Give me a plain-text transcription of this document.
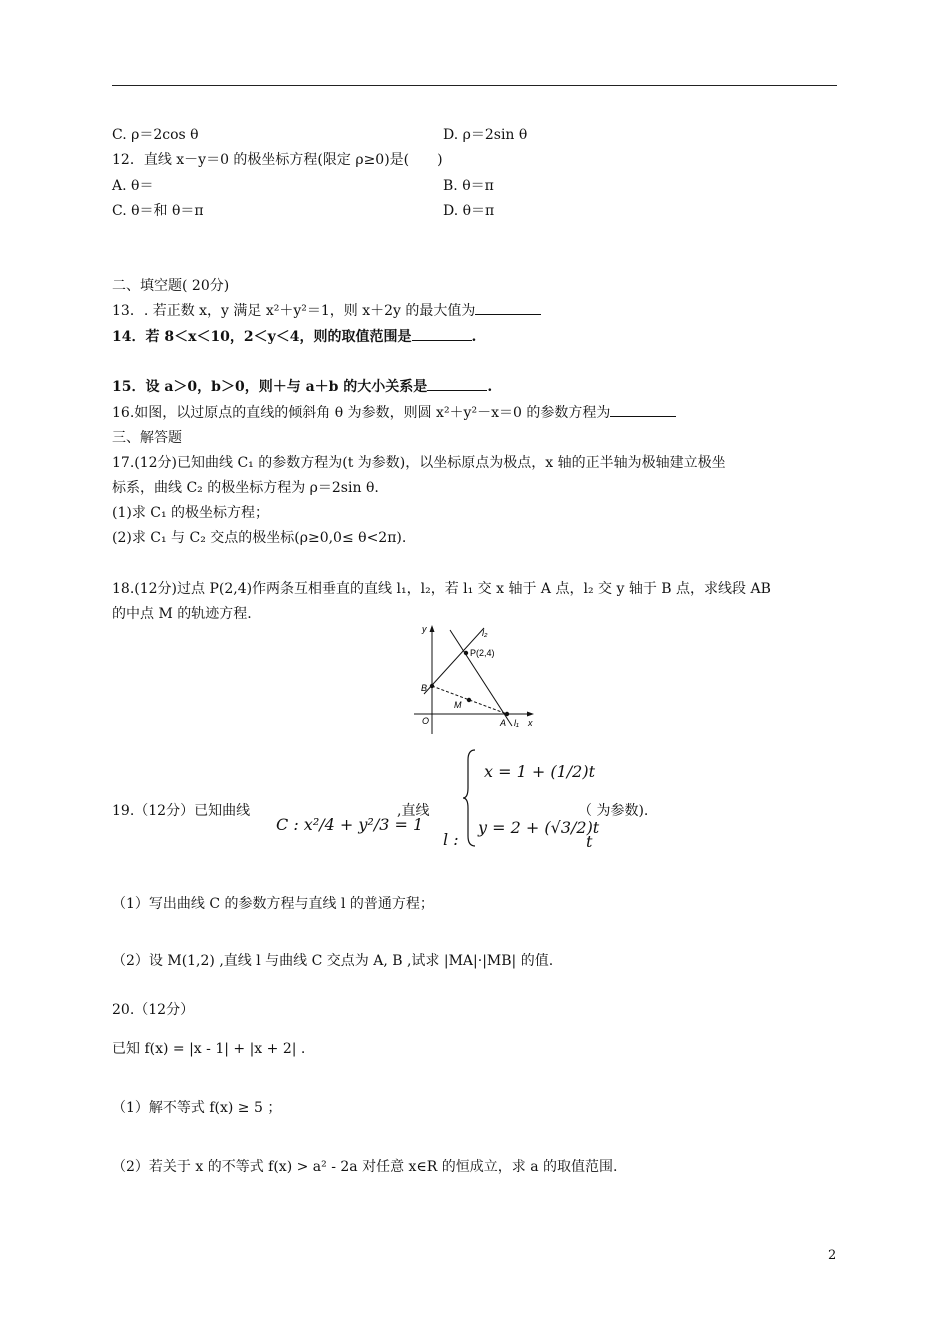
C. ρ＝2cos θ	D. ρ＝2sin θ
12．直线 x－y＝0 的极坐标方程(限定 ρ≥0)是(　　)
A. θ＝	B. θ＝π
C. θ＝和 θ＝π	D. θ＝π
二、填空题( 20分)
13．. 若正数 x，y 满足 x²＋y²＝1，则 x＋2y 的最大值为
14．若 8＜x＜10，2＜y＜4，则的取值范围是	.
15．设 a＞0，b＞0，则＋与 a＋b 的大小关系是	.
16.如图，以过原点的直线的倾斜角 θ 为参数，则圆 x²＋y²－x＝0 的参数方程为
三、解答题
17.(12分)已知曲线 C₁ 的参数方程为(t 为参数)，以坐标原点为极点，x 轴的正半轴为极轴建立极坐
标系，曲线 C₂ 的极坐标方程为 ρ＝2sin θ.
(1)求 C₁ 的极坐标方程；
(2)求 C₁ 与 C₂ 交点的极坐标(ρ≥0,0≤ θ<2π).
18.(12分)过点 P(2,4)作两条互相垂直的直线 l₁，l₂，若 l₁ 交 x 轴于 A 点，l₂ 交 y 轴于 B 点，求线段 AB
的中点 M 的轨迹方程.
y
x
l₂
l₁
P(2,4)
B
M
O	A
19.（12分）已知曲线
C : x²/4 + y²/3 = 1
,直线
x = 1 + (1/2)t
y = 2 + (√3/2)t
l :
（ 为参数).
t
（1）写出曲线 C 的参数方程与直线 l 的普通方程；
（2）设 M(1,2) ,直线 l 与曲线 C 交点为 A, B ,试求 |MA|·|MB| 的值.
20.（12分）
已知 f(x) = |x - 1| + |x + 2| .
（1）解不等式 f(x) ≥ 5 ；
（2）若关于 x 的不等式 f(x) > a² - 2a 对任意 x∈R 的恒成立，求 a 的取值范围.
2
